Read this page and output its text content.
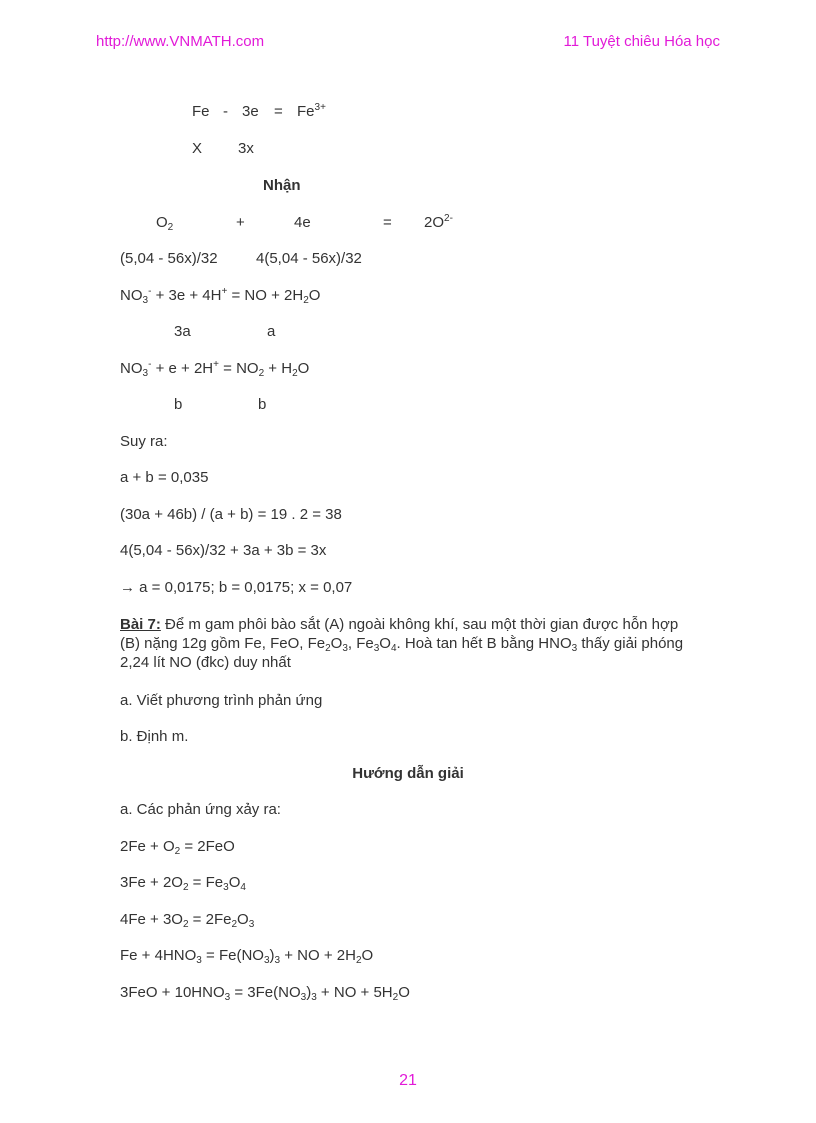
http://www.VNMATH.com	11 Tuyệt chiêu Hóa học
$Fe - 3e = Fe^{3+}$
X 3x
Nhận
$O_2$	+	4e	= $2O^{2-}$
(5,04 - 56x)/32	4(5,04 - 56x)/32
$NO_3^- + 3e + 4H^+$ = NO + $2H_2O$
3a	a
$NO_3^- + e + 2H^+ = NO_2 + H_2O$
b	b
Suy ra:
a + b = 0,035
(30a + 46b) / (a + b) = 19 . 2 = 38
4(5,04 - 56x)/32 + 3a + 3b = 3x
→ a = 0,0175; b = 0,0175; x = 0,07
Bài 7: Để m gam phôi bào sắt (A) ngoài không khí, sau một thời gian được hỗn hợp (B) nặng 12g gồm Fe, FeO, $Fe_2O_3$, $Fe_3O_4$. Hoà tan hết B bằng $HNO_3$ thấy giải phóng 2,24 lít NO (đkc) duy nhất
a. Viết phương trình phản ứng
b. Định m.
Hướng dẫn giải
a. Các phản ứng xảy ra:
$2Fe + O_2 = 2FeO$
$3Fe + 2O_2 = Fe_3O_4$
$4Fe + 3O_2 = 2Fe_2O_3$
$Fe + 4HNO_3 = Fe(NO_3)_3$ + NO + $2H_2O$
$3FeO + 10HNO_3 = 3Fe(NO_3)_3$ + NO + $5H_2O$
21
